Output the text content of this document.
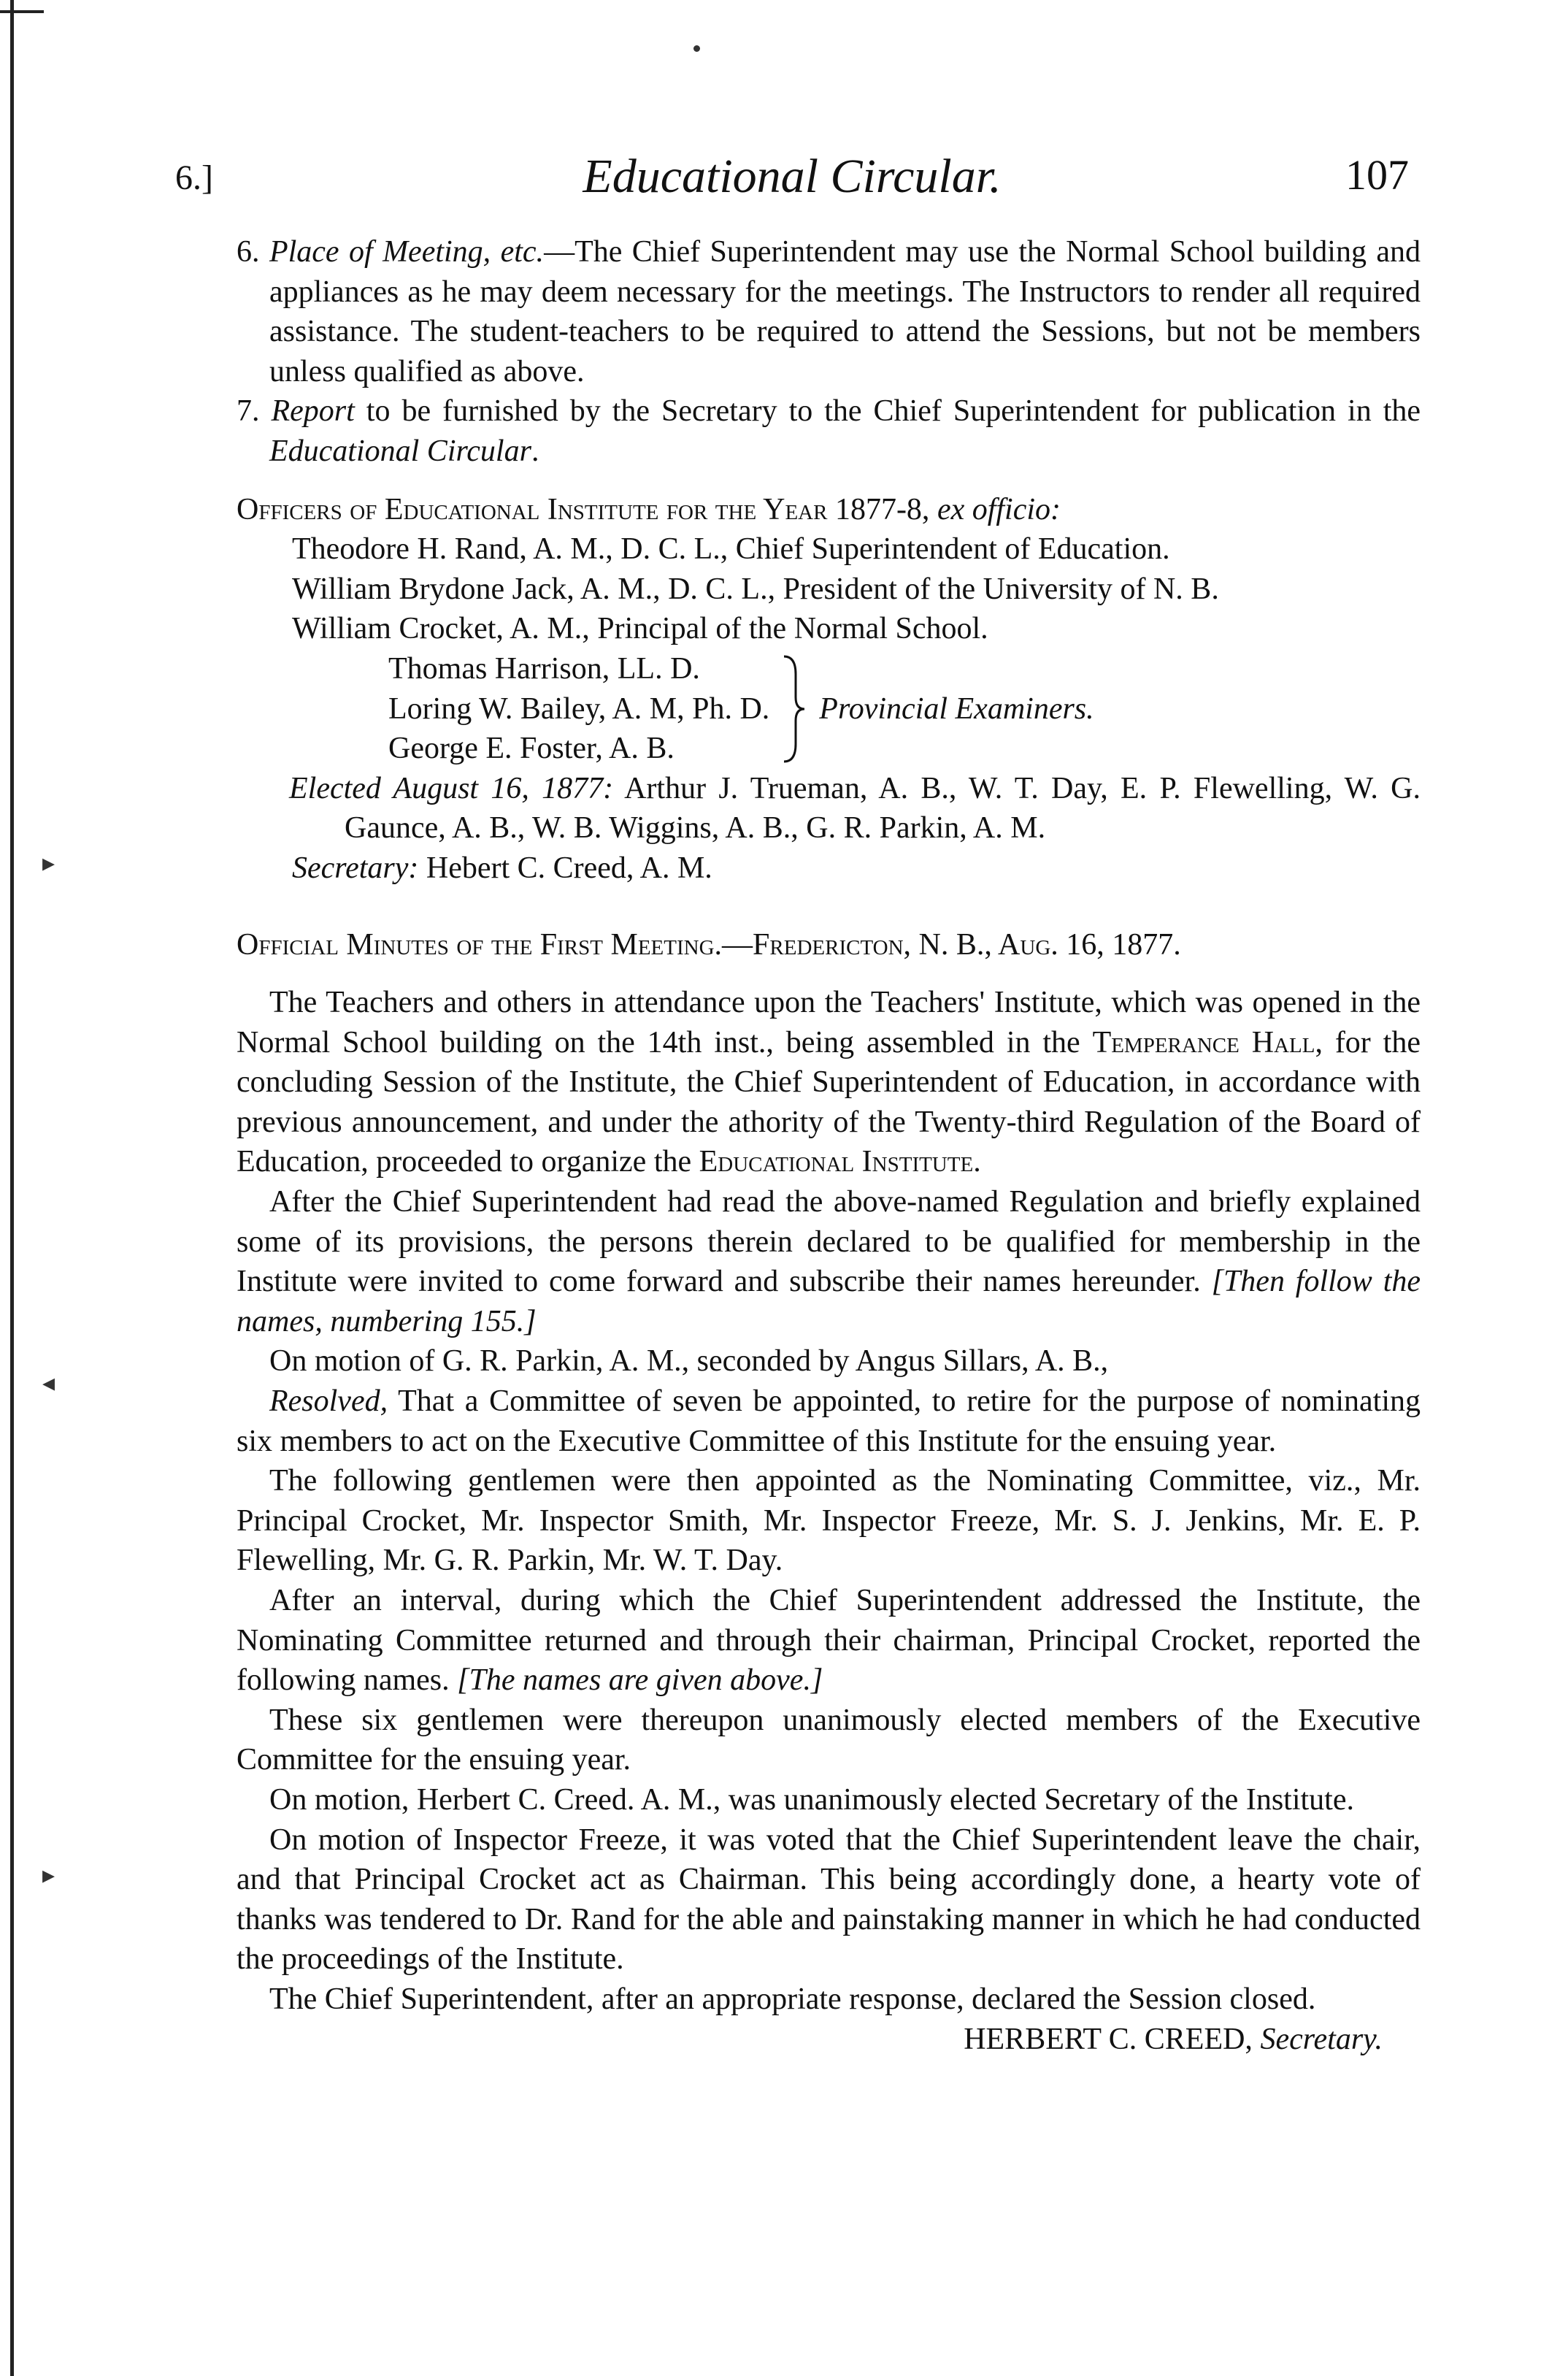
▸
◂
▸
6.]	Educational Circular.	107

6. Place of Meeting, etc.—The Chief Superintendent may use the Normal School building and appliances as he may deem necessary for the meetings. The Instructors to render all required assistance. The student-teachers to be required to attend the Sessions, but not be members unless qualified as above.

7. Report to be furnished by the Secretary to the Chief Superintendent for publication in the Educational Circular.

Officers of Educational Institute for the Year 1877-8, ex officio:

Theodore H. Rand, A. M., D. C. L., Chief Superintendent of Education.

William Brydone Jack, A. M., D. C. L., President of the University of N. B.

William Crocket, A. M., Principal of the Normal School.

Thomas Harrison, LL. D.

Loring W. Bailey, A. M, Ph. D.

George E. Foster, A. B.

Provincial Examiners.

Elected August 16, 1877: Arthur J. Trueman, A. B., W. T. Day, E. P. Flewelling, W. G. Gaunce, A. B., W. B. Wiggins, A. B., G. R. Parkin, A. M.

Secretary: Hebert C. Creed, A. M.

Official Minutes of the First Meeting.—Fredericton, N. B., Aug. 16, 1877.

The Teachers and others in attendance upon the Teachers' Institute, which was opened in the Normal School building on the 14th inst., being assembled in the Temperance Hall, for the concluding Session of the Institute, the Chief Superintendent of Education, in accordance with previous announcement, and under the athority of the Twenty-third Regulation of the Board of Education, proceeded to organize the Educational Institute.

After the Chief Superintendent had read the above-named Regulation and briefly explained some of its provisions, the persons therein declared to be qualified for membership in the Institute were invited to come forward and subscribe their names hereunder. [Then follow the names, numbering 155.]

On motion of G. R. Parkin, A. M., seconded by Angus Sillars, A. B.,

Resolved, That a Committee of seven be appointed, to retire for the purpose of nominating six members to act on the Executive Committee of this Institute for the ensuing year.

The following gentlemen were then appointed as the Nominating Committee, viz., Mr. Principal Crocket, Mr. Inspector Smith, Mr. Inspector Freeze, Mr. S. J. Jenkins, Mr. E. P. Flewelling, Mr. G. R. Parkin, Mr. W. T. Day.

After an interval, during which the Chief Superintendent addressed the Institute, the Nominating Committee returned and through their chairman, Principal Crocket, reported the following names. [The names are given above.]

These six gentlemen were thereupon unanimously elected members of the Executive Committee for the ensuing year.

On motion, Herbert C. Creed. A. M., was unanimously elected Secretary of the Institute.

On motion of Inspector Freeze, it was voted that the Chief Superintendent leave the chair, and that Principal Crocket act as Chairman. This being accordingly done, a hearty vote of thanks was tendered to Dr. Rand for the able and painstaking manner in which he had conducted the proceedings of the Institute.

The Chief Superintendent, after an appropriate response, declared the Session closed.

HERBERT C. CREED, Secretary.
